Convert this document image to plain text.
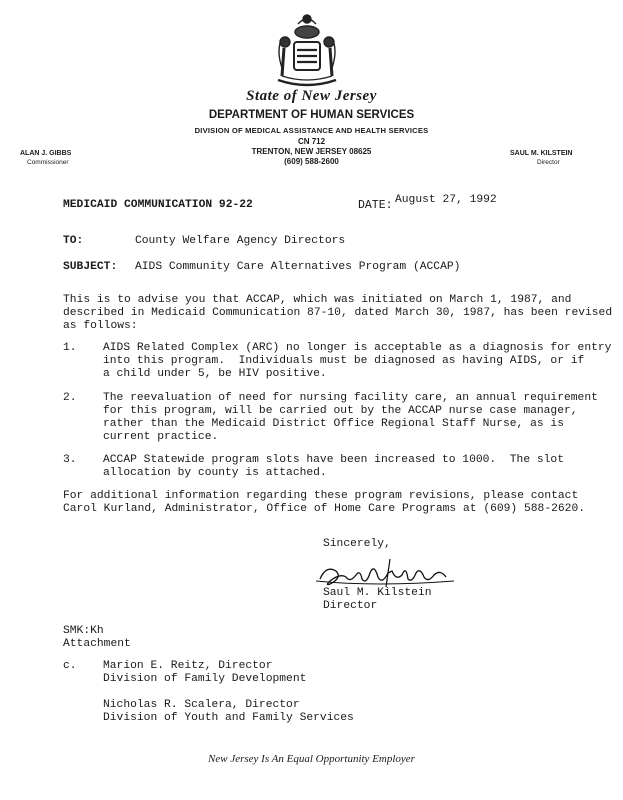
State of New Jersey
DEPARTMENT OF HUMAN SERVICES
DIVISION OF MEDICAL ASSISTANCE AND HEALTH SERVICES
CN 712
TRENTON, NEW JERSEY 08625
(609) 588-2600
ALAN J. GIBBS
Commissioner
SAUL M. KILSTEIN
Director
MEDICAID COMMUNICATION 92-22	DATE: August 27, 1992
TO:	County Welfare Agency Directors
SUBJECT: AIDS Community Care Alternatives Program (ACCAP)
This is to advise you that ACCAP, which was initiated on March 1, 1987, and
described in Medicaid Communication 87-10, dated March 30, 1987, has been revised
as follows:
1. AIDS Related Complex (ARC) no longer is acceptable as a diagnosis for entry
into this program.  Individuals must be diagnosed as having AIDS, or if
a child under 5, be HIV positive.
2. The reevaluation of need for nursing facility care, an annual requirement
for this program, will be carried out by the ACCAP nurse case manager,
rather than the Medicaid District Office Regional Staff Nurse, as is
current practice.
3. ACCAP Statewide program slots have been increased to 1000.  The slot
allocation by county is attached.
For additional information regarding these program revisions, please contact
Carol Kurland, Administrator, Office of Home Care Programs at (609) 588-2620.
Sincerely,
Saul M. Kilstein
Director
SMK:Kh
Attachment
c. Marion E. Reitz, Director
Division of Family Development
Nicholas R. Scalera, Director
Division of Youth and Family Services
New Jersey Is An Equal Opportunity Employer
